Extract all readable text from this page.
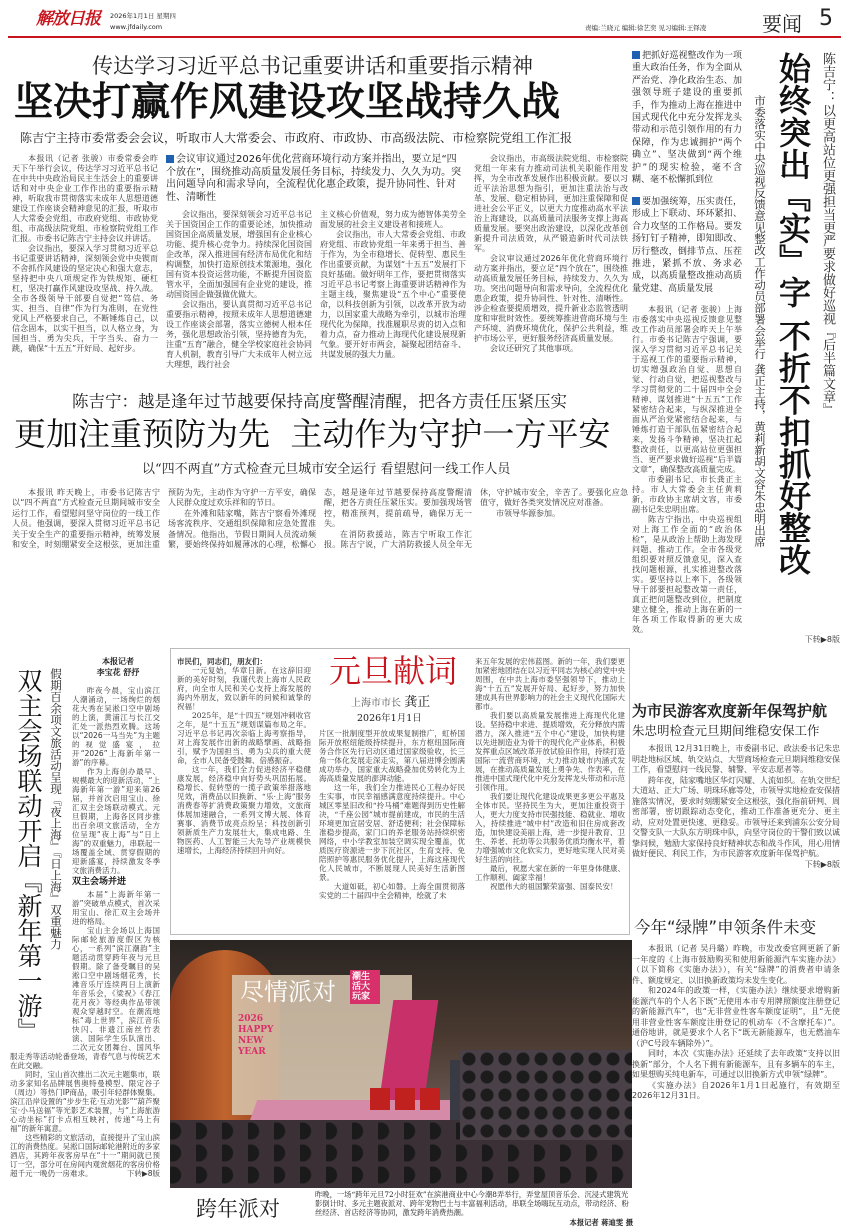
解放日报 2026年1月1日 星期四
www.jfdaily.com	责编:兰晓元 编辑:徐艺奕 见习编辑:王铎凌	要闻 5
传达学习习近平总书记重要讲话和重要指示精神
坚决打赢作风建设攻坚战持久战
陈吉宁主持市委常委会会议，听取市人大常委会、市政府、市政协、市高级法院、市检察院党组工作汇报

本报讯（记者 张骏）市委常委会昨天下午举行会议，传达学习习近平总书记在中共中央政治局民主生活会上的重要讲话和对中央企业工作作出的重要指示精神，听取我市贯彻落实未成年人思想道德建设工作座谈会精神意见的汇报，听取市人大常委会党组、市政府党组、市政协党组、市高级法院党组、市检察院党组工作汇报。市委书记陈吉宁主持会议并讲话。

会议指出，要深入学习贯彻习近平总书记重要讲话精神，深刻领会党中央锲而不舍抓作风建设的坚定决心和强大意志，坚持把中央八项规定作为铁规矩、硬杠杠，坚决打赢作风建设攻坚战、持久战。全市各级领导干部要自觉把“笃信、务实、担当、自律”作为行为准则，在党性党风上严格要求自己，不断锤炼自己，以信念固本，以实干担当，以人格立身，为国担当、勇为尖兵，干字当头、奋力一跳，确保“十五五”开好局、起好步。

会议审议通过2026年优化营商环境行动方案并指出，要立足“四个放在”，围绕推动高质量发展任务目标，持续发力、久久为功。突出问题导向和需求导向，全流程优化惠企政策，提升协同性、针对性、清晰性

会议指出，要深刻领会习近平总书记关于国资国企工作的重要论述，加快推动国资国企高质量发展，增强国有企业核心功能、提升核心竞争力。持续深化国资国企改革，深入推进国有经济布局优化和结构调整，加快打造原创技术策源地，强化国有资本投资运营功能，不断提升国资监管水平，全面加强国有企业党的建设，推动国资国企做强做优做大。

会议指出，要认真贯彻习近平总书记重要指示精神，按照未成年人思想道德建设工作座谈会部署，落实立德树人根本任务，强化思想政治引领，坚持德育为先，注重“五育”融合，健全学校家庭社会协同育人机制，教育引导广大未成年人树立远大理想，践行社会

主义核心价值观，努力成为德智体美劳全面发展的社会主义建设者和接班人。

会议指出，市人大常委会党组、市政府党组、市政协党组一年来勇于担当、善于作为，为全市稳增长、促转型、惠民生作出重要贡献，为谋划“十五五”发展打下良好基础。做好明年工作，要把贯彻落实习近平总书记考察上海重要讲话精神作为主题主线，聚焦建设“五个中心”重要使命，以科技创新为引领，以改革开放为动力，以国家重大战略为牵引，以城市治理现代化为保障，找准履职尽责的切入点和着力点，奋力推动上海现代化建设展现新气象。要开好市两会，凝聚起团结奋斗、共谋发展的强大力量。

会议指出，市高级法院党组、市检察院党组一年来有力推动司法机关职能作用发挥，为全市改革发展作出积极贡献。要以习近平法治思想为指引，更加注重法治与改革、发展、稳定相协同，更加注重保障和促进社会公平正义，以更大力度推动高水平法治上海建设，以高质量司法服务支撑上海高质量发展。要突出政治建设，以深化改革创新提升司法质效，从严锻造新时代司法铁军。

会议审议通过2026年优化营商环境行动方案并指出，要立足“四个放在”，围绕推动高质量发展任务目标，持续发力、久久为功。突出问题导向和需求导向，全流程优化惠企政策，提升协同性、针对性、清晰性。涉企检查要提质增效，提升新业态监管透明度和审批时效性。要统筹推进营商环境与生产环境、消费环境优化，保护公共利益，维护市场公平，更好服务经济高质量发展。

会议还研究了其他事项。

陈吉宁：越是逢年过节越要保持高度警醒清醒，把各方责任压紧压实
更加注重预防为先  主动作为守护一方平安
以“四不两直”方式检查元旦城市安全运行 看望慰问一线工作人员

本报讯 昨天晚上，市委书记陈吉宁以“四不两直”方式检查元旦期间城市安全运行工作，看望慰问坚守岗位的一线工作人员。他强调，要深入贯彻习近平总书记关于安全生产的重要指示精神，统筹发展和安全，时刻绷紧安全这根弦，更加注重预防为先，主动作为守护一方平安，确保人民群众度过欢乐祥和的节日。

在外滩和陆家嘴，陈吉宁察看外滩现场客流秩序、交通组织保障和应急处置准备情况。他指出，节假日期间人员流动频繁，要始终保持如履薄冰的心理，松懈心态，越是逢年过节越要保持高度警醒清醒，把各方责任压紧压实。要加强现场管控，精准预判，提前疏导，确保万无一失。

在消防救援站，陈吉宁听取工作汇报。陈吉宁说，广大消防救援人员全年无休，守护城市安全，辛苦了。要强化应急值守，做好各类突发情况应对准备。

市领导华源参加。

把抓好巡视整改作为一项重大政治任务，作为全面从严治党、净化政治生态、加强领导班子建设的重要抓手，作为推动上海在推进中国式现代化中充分发挥龙头带动和示范引领作用的有力保障，作为忠诚拥护“两个确立”、坚决做到“两个维护”的现实检验，毫不含糊、毫不松懈抓到位
要加强统筹，压实责任，形成上下联动、环环紧扣、合力攻坚的工作格局。要发扬钉钉子精神，即知即改、厉行整改，倒排节点、压茬推进，紧抓不放、务求必成，以高质量整改推动高质量党建、高质量发展

本报讯（记者 张骏）上海市委落实中央巡视反馈意见整改工作动员部署会昨天上午举行。市委书记陈吉宁强调，要深入学习贯彻习近平总书记关于巡视工作的重要指示精神，切实增强政治自觉、思想自觉、行动自觉，把巡视整改与学习贯彻党的二十届四中全会精神、谋划推进“十五五”工作紧密结合起来，与纵深推进全面从严治党紧密结合起来，与锤炼打造干部队伍紧密结合起来，发扬斗争精神，坚决扛起整改责任，以更高站位更强担当、更严要求做好巡视“后半篇文章”，确保整改高质量完成。

市委副书记、市长龚正主持。市人大常委会主任黄莉新，市政协主席胡文容，市委副书记朱忠明出席。

陈吉宁指出，中央巡视组对上海工作全面的“政治体检”，是从政治上帮助上海发现问题、推动工作。全市各级党组织要对照反馈意见，深入查找问题根源，扎实推进整改落实。要坚持以上率下，各级领导干部要担起整改第一责任，真正把问题整改到位，把制度建立健全，推动上海在新的一年各项工作取得新的更大成效。

下转▶8版

市委落实中央巡视反馈意见整改工作动员部署会举行 龚正主持，黄莉新胡文容朱忠明出席 始终突出『实』字 不折不扣抓好整改 陈吉宁：以更高站位更强担当更严要求做好巡视『后半篇文章』
为市民游客欢度新年保驾护航
朱忠明检查元旦期间维稳安保工作

本报讯 12月31日晚上，市委副书记、政法委书记朱忠明赴地标区域、轨交站点、大型商场检查元旦期间维稳安保工作，看望慰问一线民警、辅警、平安志愿者等。

跨年夜，陆家嘴地区华灯闪耀、人流如织。在轨交世纪大道站、正大广场、明珠环廊等处，市领导实地检查安保措施落实情况，要求时刻绷紧安全这根弦，强化指前研判、周密部署，密切跟踪动态变化，推动工作准备更充分、更主动，应对处置更快速、更稳妥。市领导还来到浦东公安分局交警支队一大队东方明珠中队，向坚守岗位的干警们致以诚挚问候，勉励大家保持良好精神状态和战斗作风，用心用情做好便民、利民工作，为市民游客欢度新年保驾护航。
下转▶8版

今年“绿牌”申领条件未变

本报讯（记者 吴丹璐）昨晚，市发改委官网更新了新一年度的《上海市鼓励购买和使用新能源汽车实施办法》（以下简称《实施办法》），有关“绿牌”的消费者申请条件、额度规定、以旧换新政策均未发生变化。

和2024年的政策一样，《实施办法》继续要求增购新能源汽车的个人名下既“无使用本市专用牌照额度注册登记的新能源汽车”，也“无非营业性客车额度证明”，且“无使用非营业性客车额度注册登记的机动车（不含摩托车）”。通俗地讲，就是要求个人名下“既无新能源车，也无燃油车（沪C号段车辆除外）”。

同时，本次《实施办法》还延续了去年政策“支持以旧换新”部分，个人名下拥有新能源车，且有多辆车的车主，如果想购买纯电新车，可通过以旧换新方式申领“绿牌”。

《实施办法》自2026年1月1日起施行，有效期至2026年12月31日。

本报记者
李宝花 舒抒
双主会场联动开启『新年第一游』 假期百余项文旅活动呈现『夜上海』『日上海』双重魅力	昨夜今晨，宝山滨江人潮涌动，一场绚烂的烟花大秀在吴淞口空中剧场的上演，黄浦江与长江交汇处一派热烈欢腾。这场以“2026一马当先”为主题的视觉盛宴，拉开“2026”上海新年第一游”的序幕。

作为上海创办最早、规模最大的迎新活动，“上海新年第一游”迎来第26届，并首次启用宝山、徐汇双主会场联动模式。元旦假期，上海各区同步推出百余项文旅活动，全方位呈现“夜上海”与“日上海”的双重魅力，串联起一场覆盖全域、贯穿假期的迎新盛宴，持续激发冬季文旅消费活力。

双主会场并进

本届“上海新年第一游”突破单点模式，首次采用宝山、徐汇双主会场并进的格局。

宝山主会场以上海国际邮轮旅游度假区为核心，一系列“滨江潮韵”主题活动贯穿跨年夜与元旦假期。除了备受瞩目的吴淞口空中剧场烟花秀，长滩音乐厅连续两日上演新年音乐会，《梁祝》《春江花月夜》等经典作品带领观众穿越时空。在潮流地标“毒上世界”，滨江音乐快闪、非遗江南丝竹表演、国际学生乐队演出、二次元女团舞台、国风华服走秀等活动轮番登场，青春气息与传统艺术在此交融。

同时，宝山首次推出二次元主题集市，联动多家知名品牌展售奥特曼模型、限定谷子（周边）等热门IP商品，吸引年轻群体聚集。滨江沿岸设置的“步步生花·互动光影”“葫芦聚宝·小马送福”等光影艺术装置，与“上海旅游心动坐标”打卡点相互映衬，传递“马上有福”的新年寓意。

这些精彩的文旅活动，直接提升了宝山滨江的消费热度。吴淞口国际邮轮港附近的多家酒店，其跨年夜客房早在“十一”期间就已预订一空，部分可在房间内观赏烟花的客房价格超千元一晚仍一房难求。	下转▶8版

市民们，同志们，朋友们：

一元复始，华章日新。在这辞旧迎新的美好时刻，我谨代表上海市人民政府，向全市人民和关心支持上海发展的海内外朋友，致以新年的问候和诚挚的祝福！

2025年，是“十四五”规划冲刺收官之年，是“十五五”规划谋篇布局之年。习近平总书记再次亲临上海考察指导，对上海发展作出新的战略擘画、战略指引，赋予为国担当、勇为尖兵的重大使命，全市人民备受鼓舞、倍感振奋。

这一年，我们全力促进经济平稳健康发展，经济稳中向好势头巩固拓展。稳增长、促转型的一揽子政策举措落地见效，消费品以旧换新、“乐·上海”服务消费春等扩消费政策聚力增效，文旅商体展加速融合，一系列文博大展、体育赛事、消费节成亮点纷呈；科技创新引领新质生产力发展壮大，集成电路、生物医药、人工智能三大先导产业规模快速增长，上海经济持续回升向好。

元旦献词
上海市市长 龚正
2026年1月1日

片区一批制度型开放成果复制推广，虹桥国际开放枢纽能级持续提升，东方枢纽国际商务合作区先行启动区通过国家级验收，长三角一体化发展走深走实，第八届进博会圆满成功举办，国家重大战略叠加优势转化为上海高质量发展的澎湃动能。

这一年，我们全力推进民心工程办好民生实事，市民幸福感满意度持续提升。中心城区零星旧改和“拎马桶”难题得到历史性解决，“千座公园”城市提前建成，市民的生活环境更加宜居安居、舒适便利；社会保障标准稳步提高，家门口的养老服务站持续织密网络，中小学教室加装空调实现全覆盖，优质医疗资源进一步下沉社区，生育支持、免陪照护等惠民服务优化提升，上海这座现代化人民城市，不断展现人民美好生活新图景。

大道如砥，初心如磐。上海全面贯彻落实党的二十届四中全会精神，绘就了未

来五年发展的宏伟蓝图。新的一年，我们要更加紧密地团结在以习近平同志为核心的党中央周围，在中共上海市委坚强领导下，推动上海“十五五”发展开好局、起好步，努力加快建成具有世界影响力的社会主义现代化国际大都市。

我们要以高质量发展推进上海现代化建设。坚持稳中求进、提质增效，充分释放内需潜力，深入推进“五个中心”建设，加快构建以先进制造业为骨干的现代化产业体系，积极发挥重点区域改革开放试验田作用，持续打造国际一流营商环境，大力推动城市内涵式发展，在推动高质量发展上勇争先、作表率，在推进中国式现代化中充分发挥龙头带动和示范引领作用。

我们要让现代化建设成果更多更公平惠及全体市民。坚持民生为大，更加注重投资于人，更大力度支持市民强技能、稳就业、增收入，持续推进“城中村”改造和旧住房成套改造，加快建设美丽上海，进一步提升教育、卫生、养老、托幼等公共服务优质均衡水平，着力增强城市文化软实力，更好地实现人民对美好生活的向往。

最后，祝愿大家在新的一年里身体健康、工作顺利、阖家幸福！

祝愿伟大的祖国繁荣富强、国泰民安！

尽情派对
潮生活大玩家
2026 HAPPY NEW YEAR
跨年派对
昨晚，一场“跨年元旦72小时狂欢”在滨港商业中心今潮8弄举行，弄堂屋顶音乐会、沉浸式建筑光影倒计时、多元主题夜派对、跨年宠物巴士与丰富福利活动，串联全场嗨玩互动点，带动经济、粉丝经济、首店经济等协同，激发跨年消费热潮。
本报记者 蒋迪雯 摄
